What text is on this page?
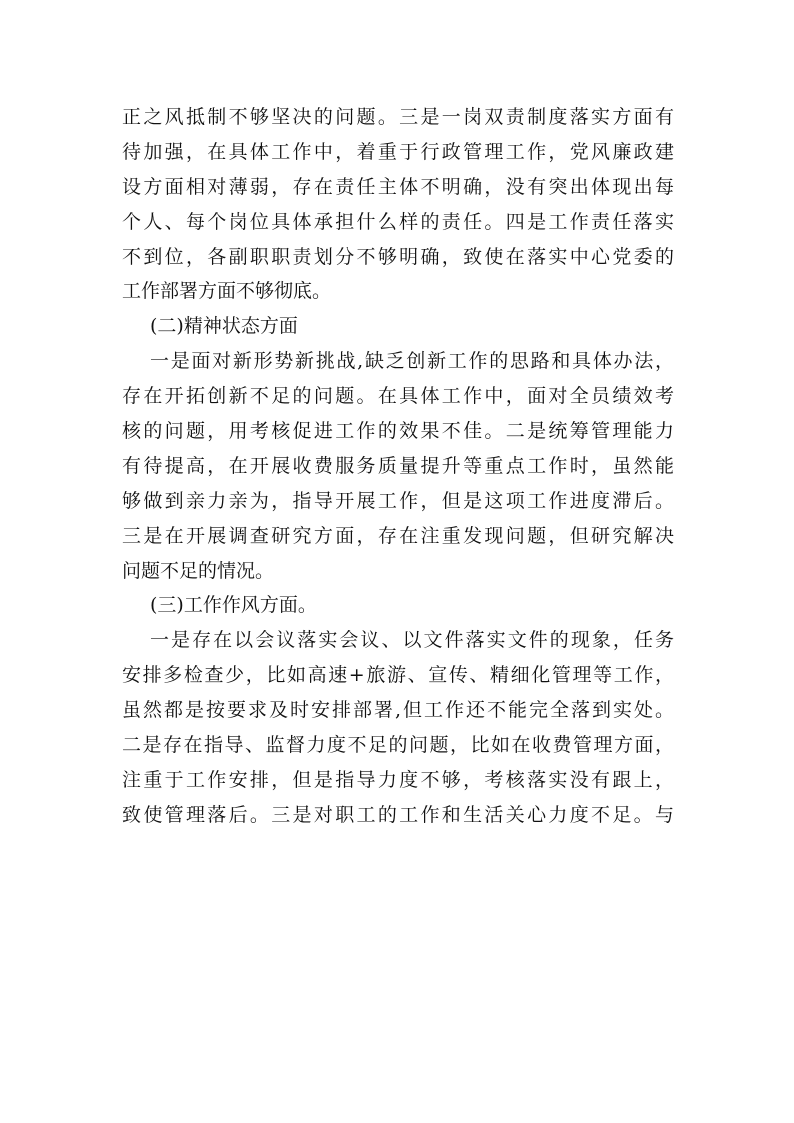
正之风抵制不够坚决的问题。三是一岗双责制度落实方面有
待加强，在具体工作中，着重于行政管理工作，党风廉政建
设方面相对薄弱，存在责任主体不明确，没有突出体现出每
个人、每个岗位具体承担什么样的责任。四是工作责任落实
不到位，各副职职责划分不够明确，致使在落实中心党委的
工作部署方面不够彻底。
(二)精神状态方面
一是面对新形势新挑战,缺乏创新工作的思路和具体办法，
存在开拓创新不足的问题。在具体工作中，面对全员绩效考
核的问题，用考核促进工作的效果不佳。二是统筹管理能力
有待提高，在开展收费服务质量提升等重点工作时，虽然能
够做到亲力亲为，指导开展工作，但是这项工作进度滞后。
三是在开展调查研究方面，存在注重发现问题，但研究解决
问题不足的情况。
(三)工作作风方面。
一是存在以会议落实会议、以文件落实文件的现象，任务
安排多检查少，比如高速+旅游、宣传、精细化管理等工作，
虽然都是按要求及时安排部署,但工作还不能完全落到实处。
二是存在指导、监督力度不足的问题，比如在收费管理方面，
注重于工作安排，但是指导力度不够，考核落实没有跟上，
致使管理落后。三是对职工的工作和生活关心力度不足。与
